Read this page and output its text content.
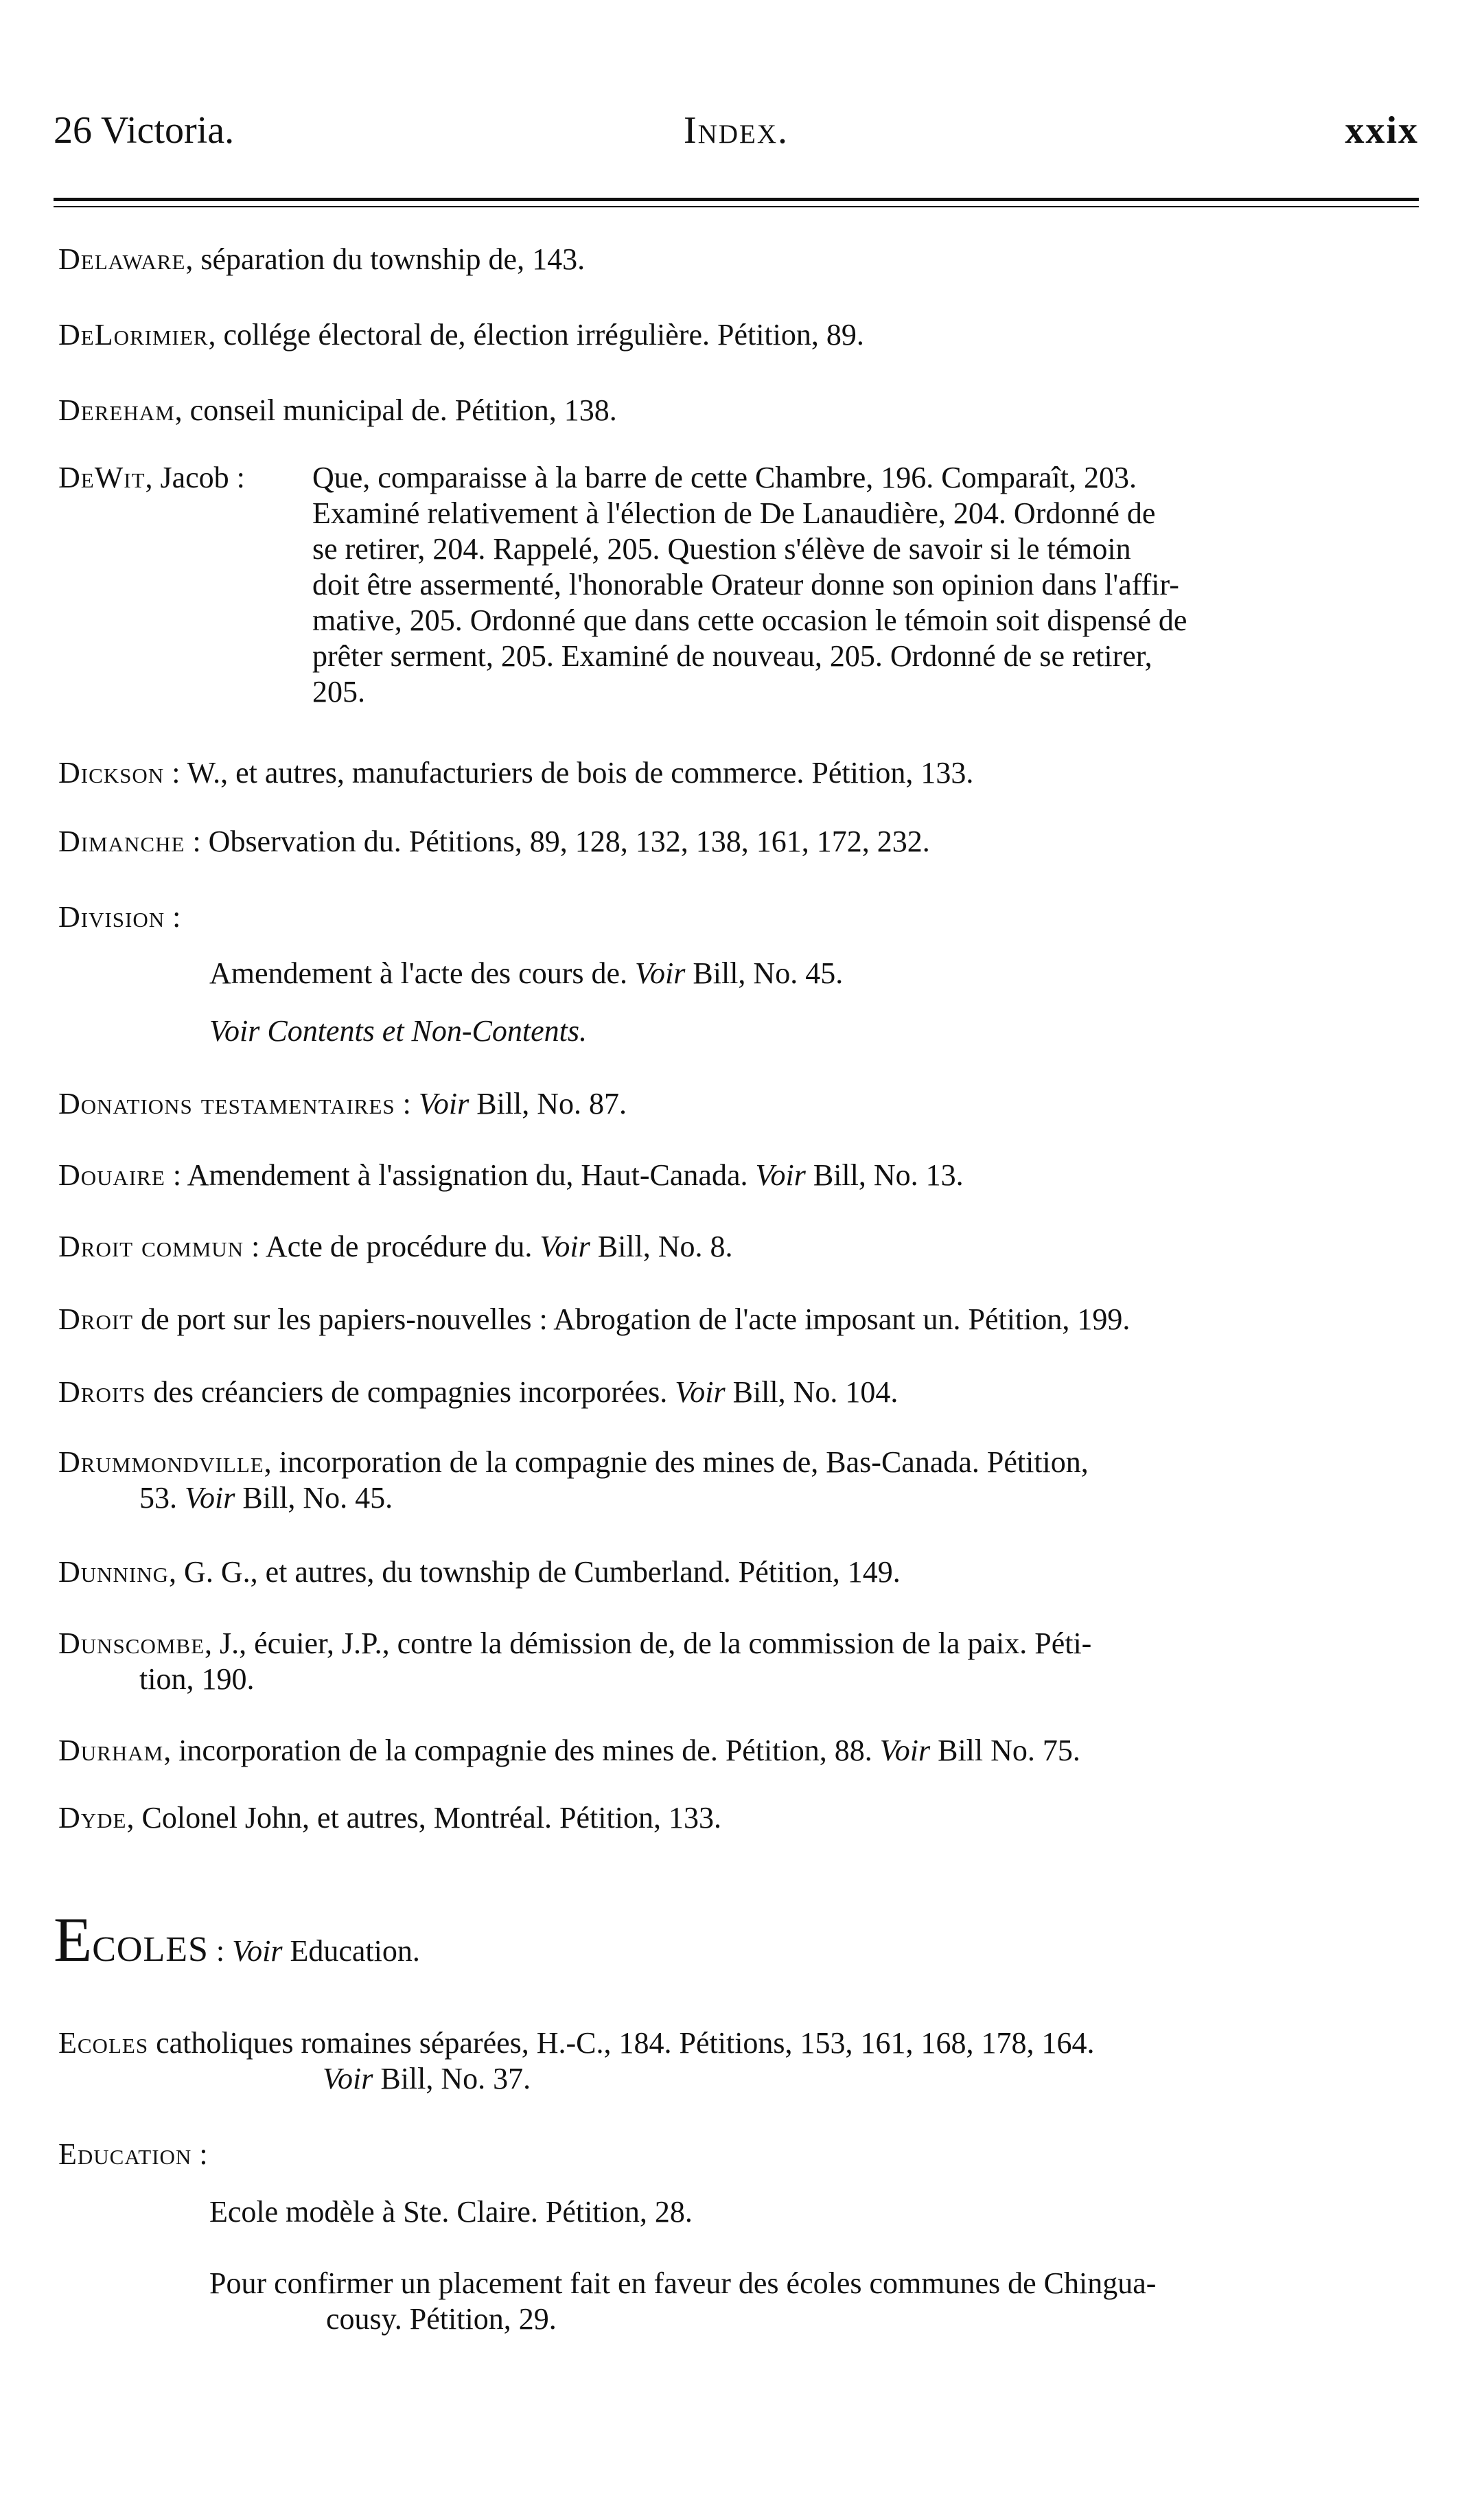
26 Victoria.	Index.	xxix
Delaware, séparation du township de, 143.
DeLorimier, collége électoral de, élection irrégulière. Pétition, 89.
Dereham, conseil municipal de. Pétition, 138.
DeWit, Jacob :	Que, comparaisse à la barre de cette Chambre, 196. Comparaît, 203.
Examiné relativement à l'élection de De Lanaudière, 204. Ordonné de
se retirer, 204. Rappelé, 205. Question s'élève de savoir si le témoin
doit être assermenté, l'honorable Orateur donne son opinion dans l'affir-
mative, 205. Ordonné que dans cette occasion le témoin soit dispensé de
prêter serment, 205. Examiné de nouveau, 205. Ordonné de se retirer,
205.
Dickson : W., et autres, manufacturiers de bois de commerce. Pétition, 133.
Dimanche : Observation du. Pétitions, 89, 128, 132, 138, 161, 172, 232.
Division :
Amendement à l'acte des cours de. Voir Bill, No. 45.
Voir Contents et Non-Contents.
Donations testamentaires : Voir Bill, No. 87.
Douaire : Amendement à l'assignation du, Haut-Canada. Voir Bill, No. 13.
Droit commun : Acte de procédure du. Voir Bill, No. 8.
Droit de port sur les papiers-nouvelles : Abrogation de l'acte imposant un. Pétition, 199.
Droits des créanciers de compagnies incorporées. Voir Bill, No. 104.
Drummondville, incorporation de la compagnie des mines de, Bas-Canada. Pétition,
53. Voir Bill, No. 45.
Dunning, G. G., et autres, du township de Cumberland. Pétition, 149.
Dunscombe, J., écuier, J.P., contre la démission de, de la commission de la paix. Péti-
tion, 190.
Durham, incorporation de la compagnie des mines de. Pétition, 88. Voir Bill No. 75.
Dyde, Colonel John, et autres, Montréal. Pétition, 133.
ECOLES : Voir Education.
Ecoles catholiques romaines séparées, H.-C., 184. Pétitions, 153, 161, 168, 178, 164.
Voir Bill, No. 37.
Education :
Ecole modèle à Ste. Claire. Pétition, 28.
Pour confirmer un placement fait en faveur des écoles communes de Chingua-
cousy. Pétition, 29.
